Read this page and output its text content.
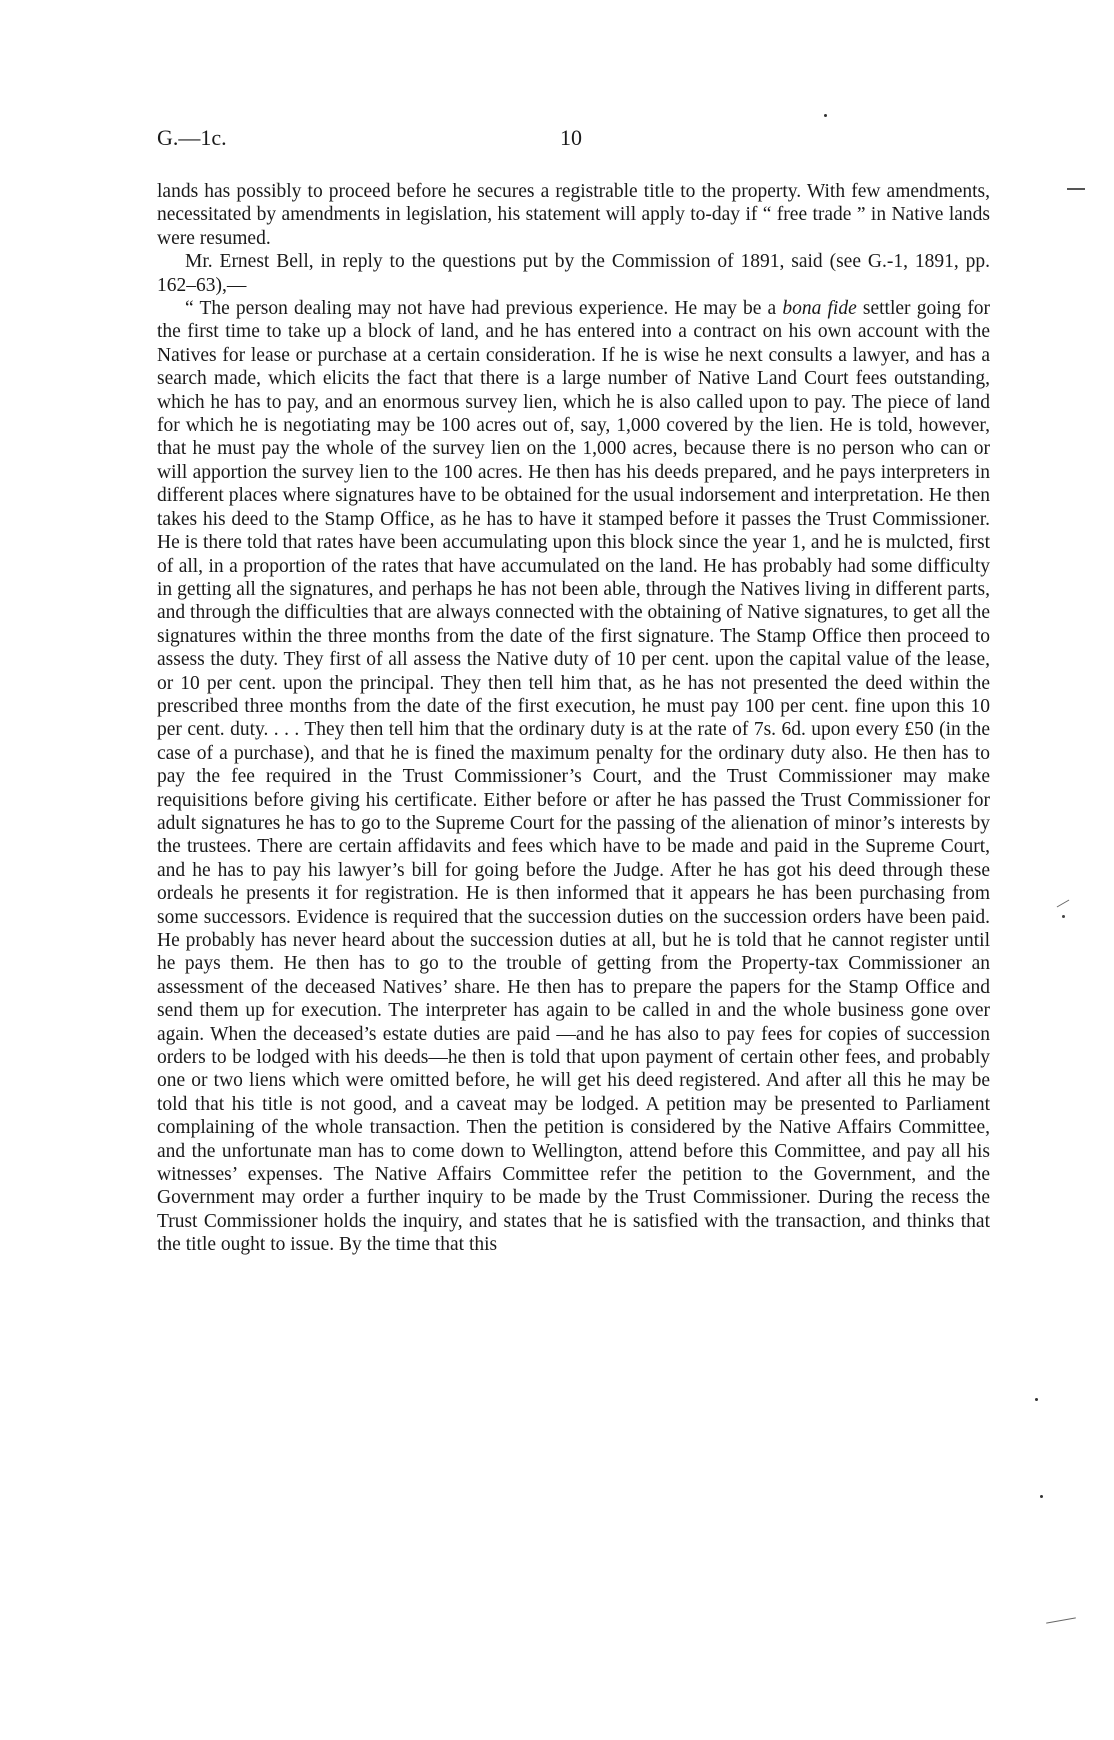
G.—1c.	10

lands has possibly to proceed before he secures a registrable title to the property. With few amendments, necessitated by amendments in legislation, his statement will apply to-day if “ free trade ” in Native lands were resumed.

Mr. Ernest Bell, in reply to the questions put by the Commission of 1891, said (see G.-1, 1891, pp. 162–63),—

“ The person dealing may not have had previous experience. He may be a bona fide settler going for the first time to take up a block of land, and he has entered into a contract on his own account with the Natives for lease or purchase at a certain consideration. If he is wise he next consults a lawyer, and has a search made, which elicits the fact that there is a large number of Native Land Court fees outstanding, which he has to pay, and an enormous survey lien, which he is also called upon to pay. The piece of land for which he is negotiating may be 100 acres out of, say, 1,000 covered by the lien. He is told, however, that he must pay the whole of the survey lien on the 1,000 acres, because there is no person who can or will apportion the survey lien to the 100 acres. He then has his deeds prepared, and he pays interpreters in different places where signatures have to be obtained for the usual indorsement and interpretation. He then takes his deed to the Stamp Office, as he has to have it stamped before it passes the Trust Commissioner. He is there told that rates have been accumulating upon this block since the year 1, and he is mulcted, first of all, in a proportion of the rates that have accumulated on the land. He has probably had some difficulty in getting all the signatures, and perhaps he has not been able, through the Natives living in different parts, and through the difficulties that are always connected with the obtaining of Native signatures, to get all the signatures within the three months from the date of the first signature. The Stamp Office then proceed to assess the duty. They first of all assess the Native duty of 10 per cent. upon the capital value of the lease, or 10 per cent. upon the principal. They then tell him that, as he has not presented the deed within the prescribed three months from the date of the first execution, he must pay 100 per cent. fine upon this 10 per cent. duty. . . . They then tell him that the ordinary duty is at the rate of 7s. 6d. upon every £50 (in the case of a purchase), and that he is fined the maximum penalty for the ordinary duty also. He then has to pay the fee required in the Trust Commissioner’s Court, and the Trust Commissioner may make requisitions before giving his certificate. Either before or after he has passed the Trust Commissioner for adult signatures he has to go to the Supreme Court for the passing of the alienation of minor’s interests by the trustees. There are certain affidavits and fees which have to be made and paid in the Supreme Court, and he has to pay his lawyer’s bill for going before the Judge. After he has got his deed through these ordeals he presents it for registration. He is then informed that it appears he has been purchasing from some successors. Evidence is required that the succession duties on the succession orders have been paid. He probably has never heard about the succession duties at all, but he is told that he cannot register until he pays them. He then has to go to the trouble of getting from the Property-tax Commissioner an assessment of the deceased Natives’ share. He then has to prepare the papers for the Stamp Office and send them up for execution. The interpreter has again to be called in and the whole business gone over again. When the deceased’s estate duties are paid —and he has also to pay fees for copies of succession orders to be lodged with his deeds—he then is told that upon payment of certain other fees, and probably one or two liens which were omitted before, he will get his deed registered. And after all this he may be told that his title is not good, and a caveat may be lodged. A petition may be presented to Parliament complaining of the whole transaction. Then the petition is considered by the Native Affairs Committee, and the unfortunate man has to come down to Wellington, attend before this Committee, and pay all his witnesses’ expenses. The Native Affairs Committee refer the petition to the Government, and the Government may order a further inquiry to be made by the Trust Commissioner. During the recess the Trust Commissioner holds the inquiry, and states that he is satisfied with the transaction, and thinks that the title ought to issue. By the time that this
